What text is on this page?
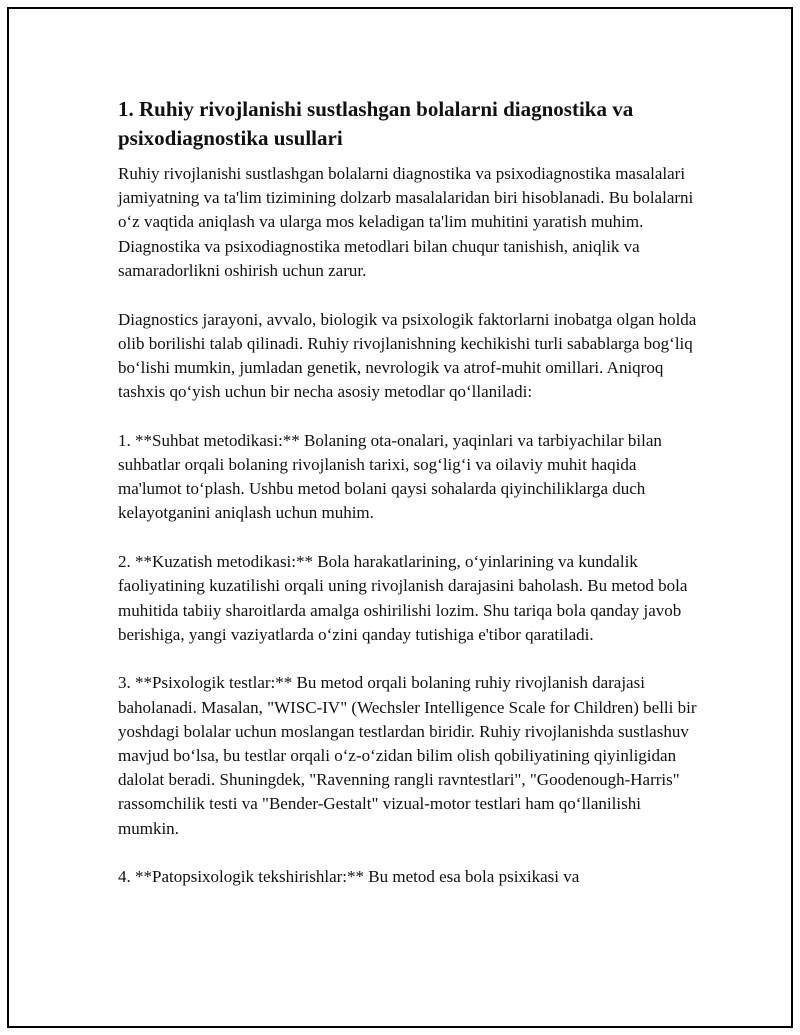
1. Ruhiy rivojlanishi sustlashgan bolalarni diagnostika va psixodiagnostika usullari

Ruhiy rivojlanishi sustlashgan bolalarni diagnostika va psixodiagnostika masalalari jamiyatning va ta'lim tizimining dolzarb masalalaridan biri hisoblanadi. Bu bolalarni o‘z vaqtida aniqlash va ularga mos keladigan ta'lim muhitini yaratish muhim. Diagnostika va psixodiagnostika metodlari bilan chuqur tanishish, aniqlik va samaradorlikni oshirish uchun zarur.

Diagnostics jarayoni, avvalo, biologik va psixologik faktorlarni inobatga olgan holda olib borilishi talab qilinadi. Ruhiy rivojlanishning kechikishi turli sabablarga bog‘liq bo‘lishi mumkin, jumladan genetik, nevrologik va atrof-muhit omillari. Aniqroq tashxis qo‘yish uchun bir necha asosiy metodlar qo‘llaniladi:

1. **Suhbat metodikasi:** Bolaning ota-onalari, yaqinlari va tarbiyachilar bilan suhbatlar orqali bolaning rivojlanish tarixi, sog‘lig‘i va oilaviy muhit haqida ma'lumot to‘plash. Ushbu metod bolani qaysi sohalarda qiyinchiliklarga duch kelayotganini aniqlash uchun muhim.

2. **Kuzatish metodikasi:** Bola harakatlarining, o‘yinlarining va kundalik faoliyatining kuzatilishi orqali uning rivojlanish darajasini baholash. Bu metod bola muhitida tabiiy sharoitlarda amalga oshirilishi lozim. Shu tariqa bola qanday javob berishiga, yangi vaziyatlarda o‘zini qanday tutishiga e'tibor qaratiladi.

3. **Psixologik testlar:** Bu metod orqali bolaning ruhiy rivojlanish darajasi baholanadi. Masalan, "WISC-IV" (Wechsler Intelligence Scale for Children) belli bir yoshdagi bolalar uchun moslangan testlardan biridir. Ruhiy rivojlanishda sustlashuv mavjud bo‘lsa, bu testlar orqali o‘z-o‘zidan bilim olish qobiliyatining qiyinligidan dalolat beradi. Shuningdek, "Ravenning rangli ravntestlari", "Goodenough-Harris" rassomchilik testi va "Bender-Gestalt" vizual-motor testlari ham qo‘llanilishi mumkin.

4. **Patopsixologik tekshirishlar:** Bu metod esa bola psixikasi va
